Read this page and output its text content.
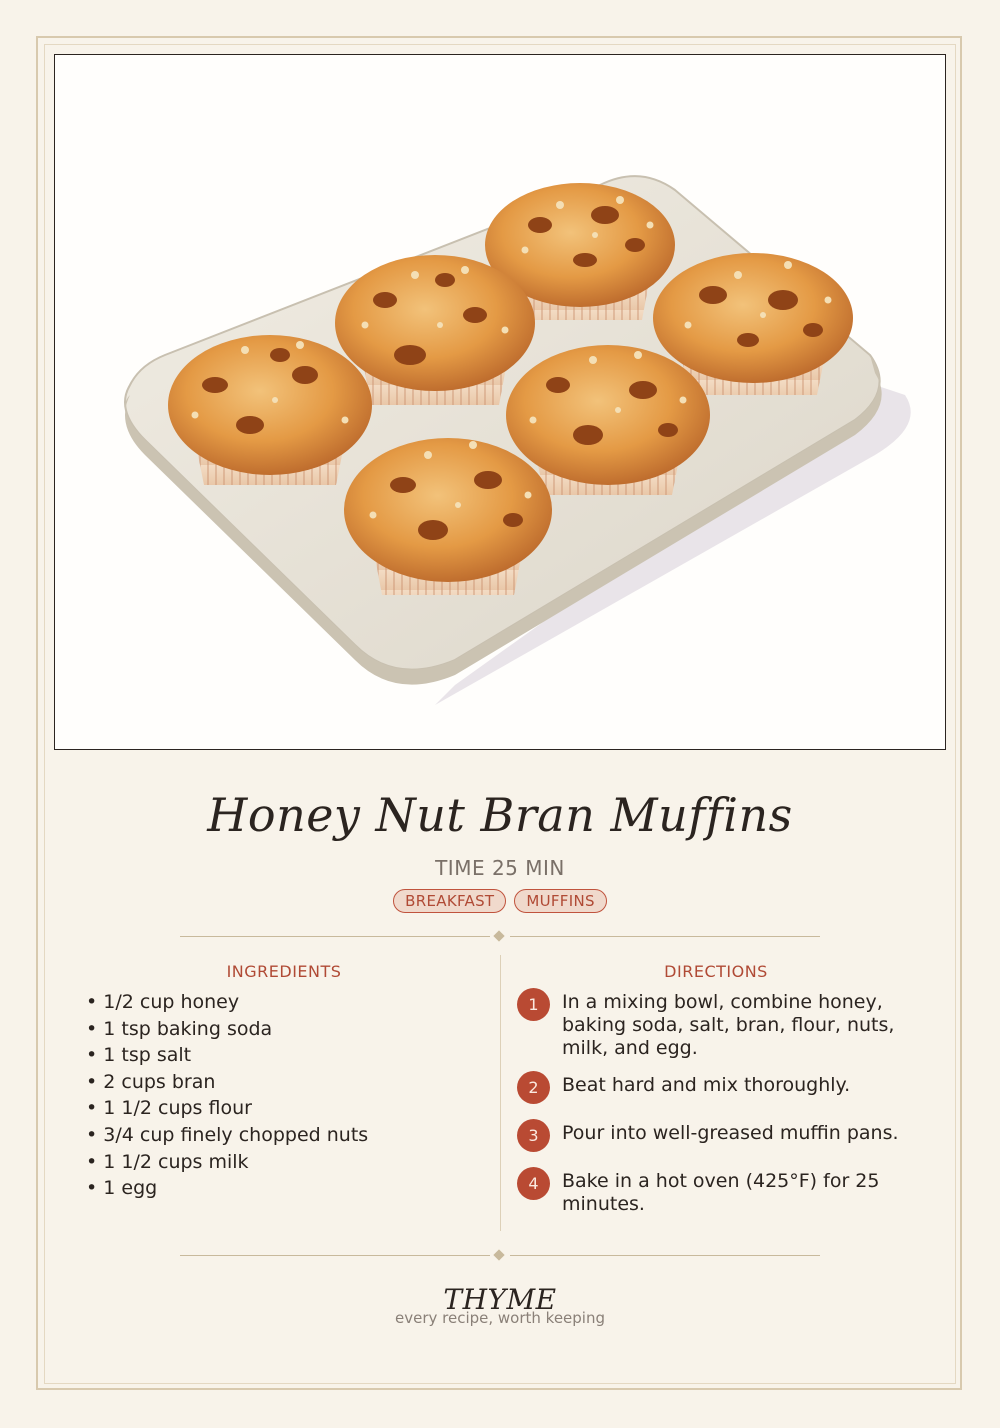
Honey Nut Bran Muffins
TIME 25 MIN
BREAKFAST	MUFFINS
INGREDIENTS
• 1/2 cup honey
• 1 tsp baking soda
• 1 tsp salt
• 2 cups bran
• 1 1/2 cups flour
• 3/4 cup finely chopped nuts
• 1 1/2 cups milk
• 1 egg
DIRECTIONS
1	In a mixing bowl, combine honey, baking soda, salt, bran, flour, nuts, milk, and egg.
2	Beat hard and mix thoroughly.
3	Pour into well-greased muffin pans.
4	Bake in a hot oven (425°F) for 25 minutes.
THYME
every recipe, worth keeping
